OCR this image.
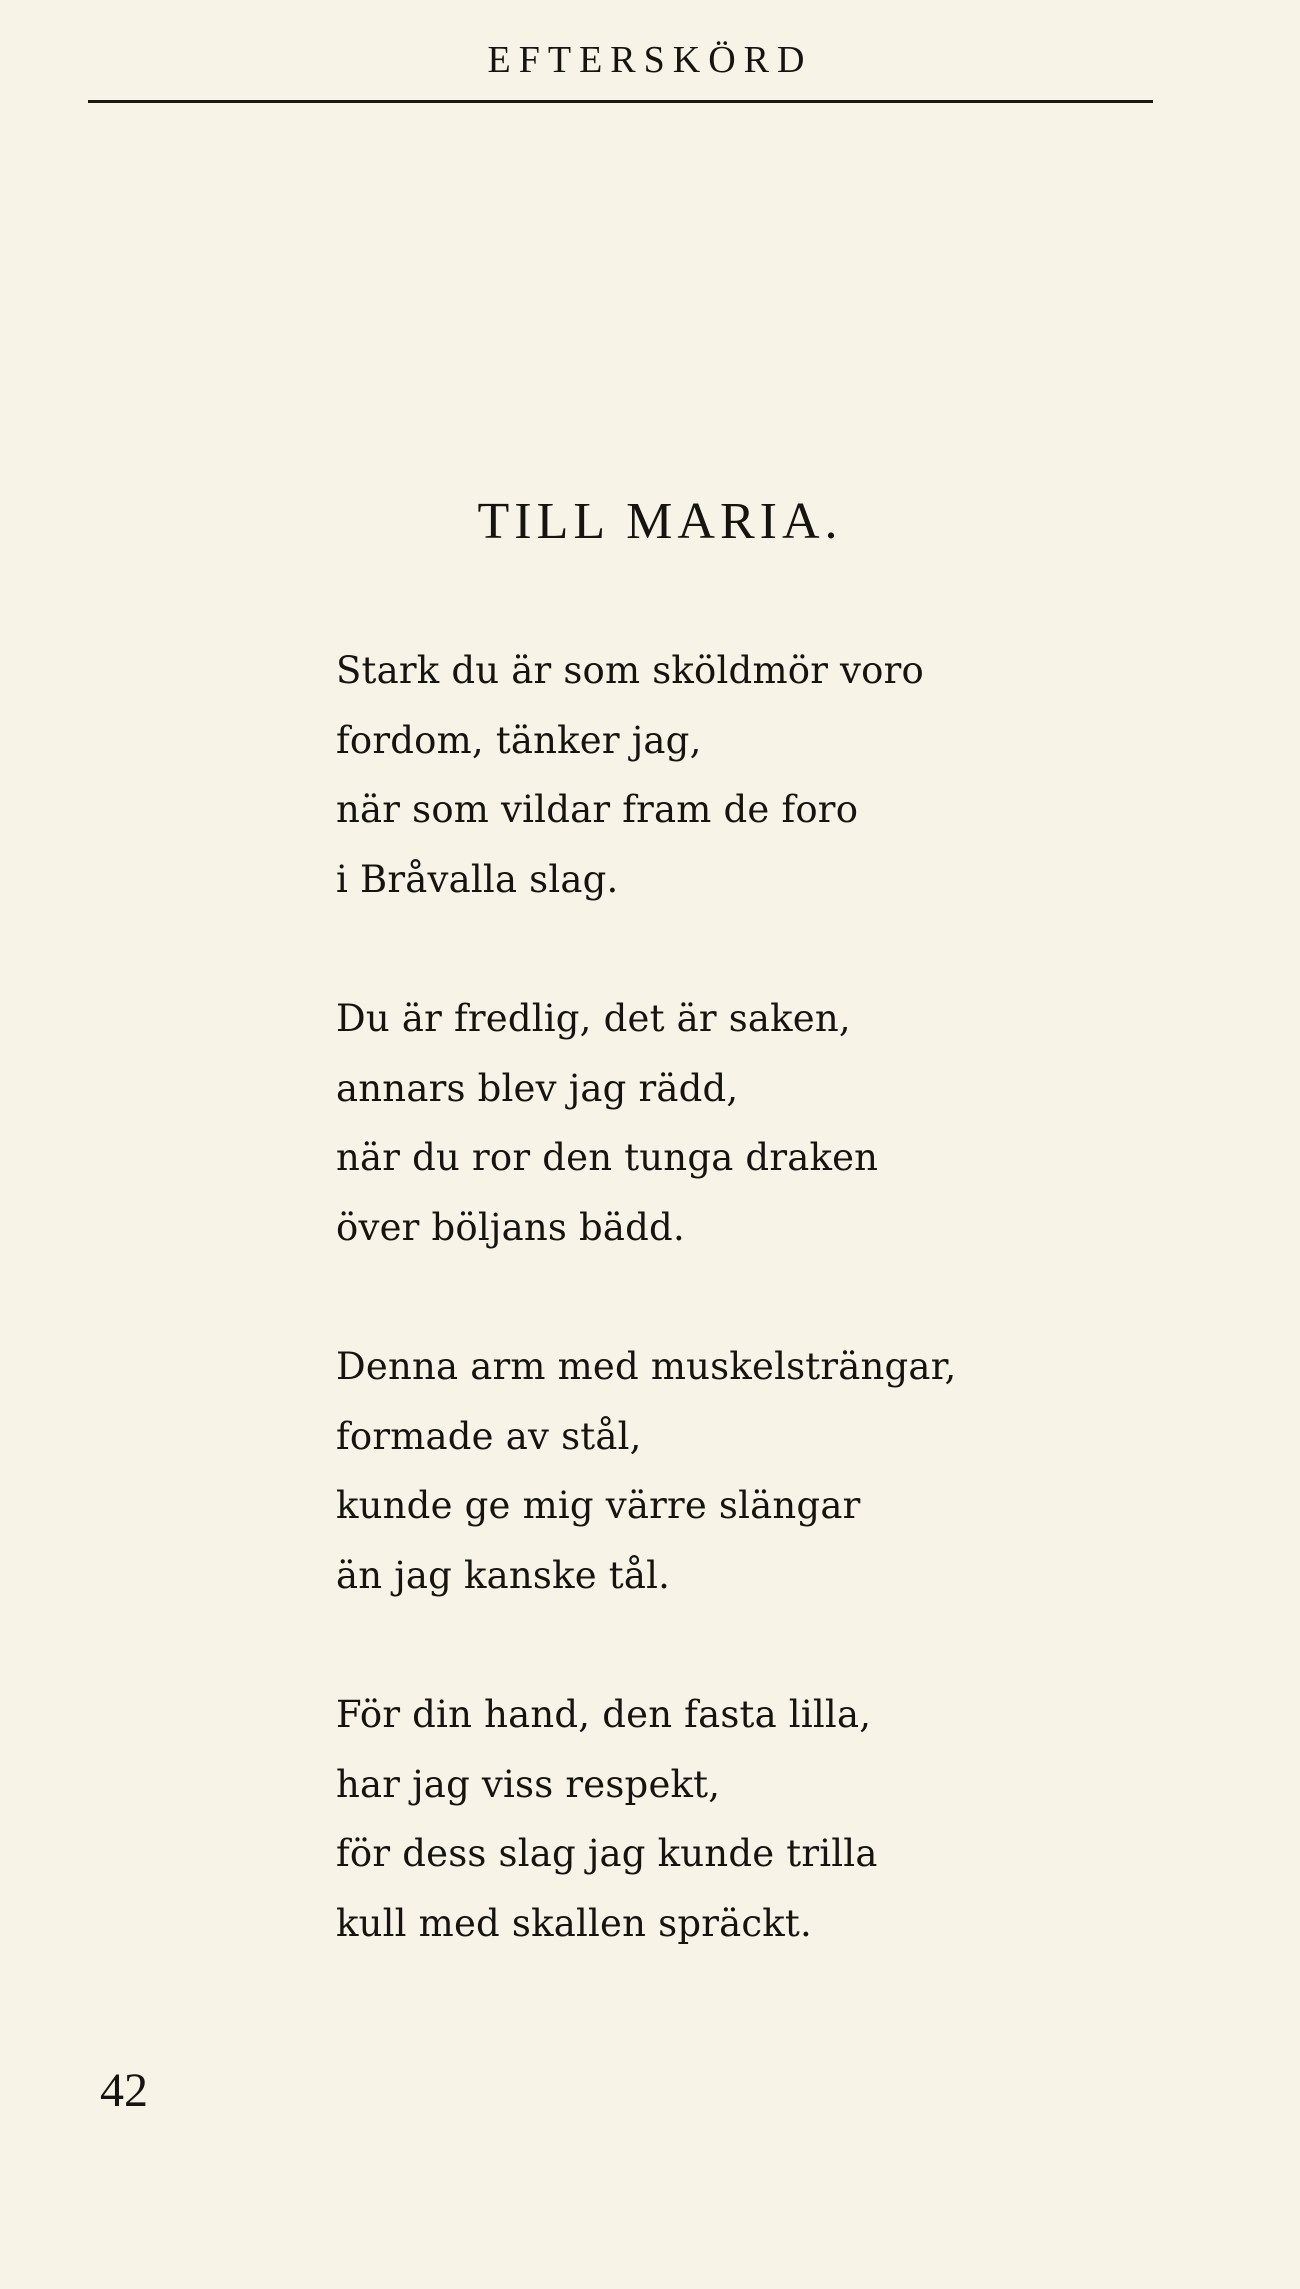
EFTERSKÖRD
TILL MARIA.
Stark du är som sköldmör voro
fordom, tänker jag,
när som vildar fram de foro
i Bråvalla slag.
Du är fredlig, det är saken,
annars blev jag rädd,
när du ror den tunga draken
över böljans bädd.
Denna arm med muskelsträngar,
formade av stål,
kunde ge mig värre slängar
än jag kanske tål.
För din hand, den fasta lilla,
har jag viss respekt,
för dess slag jag kunde trilla
kull med skallen spräckt.
42
